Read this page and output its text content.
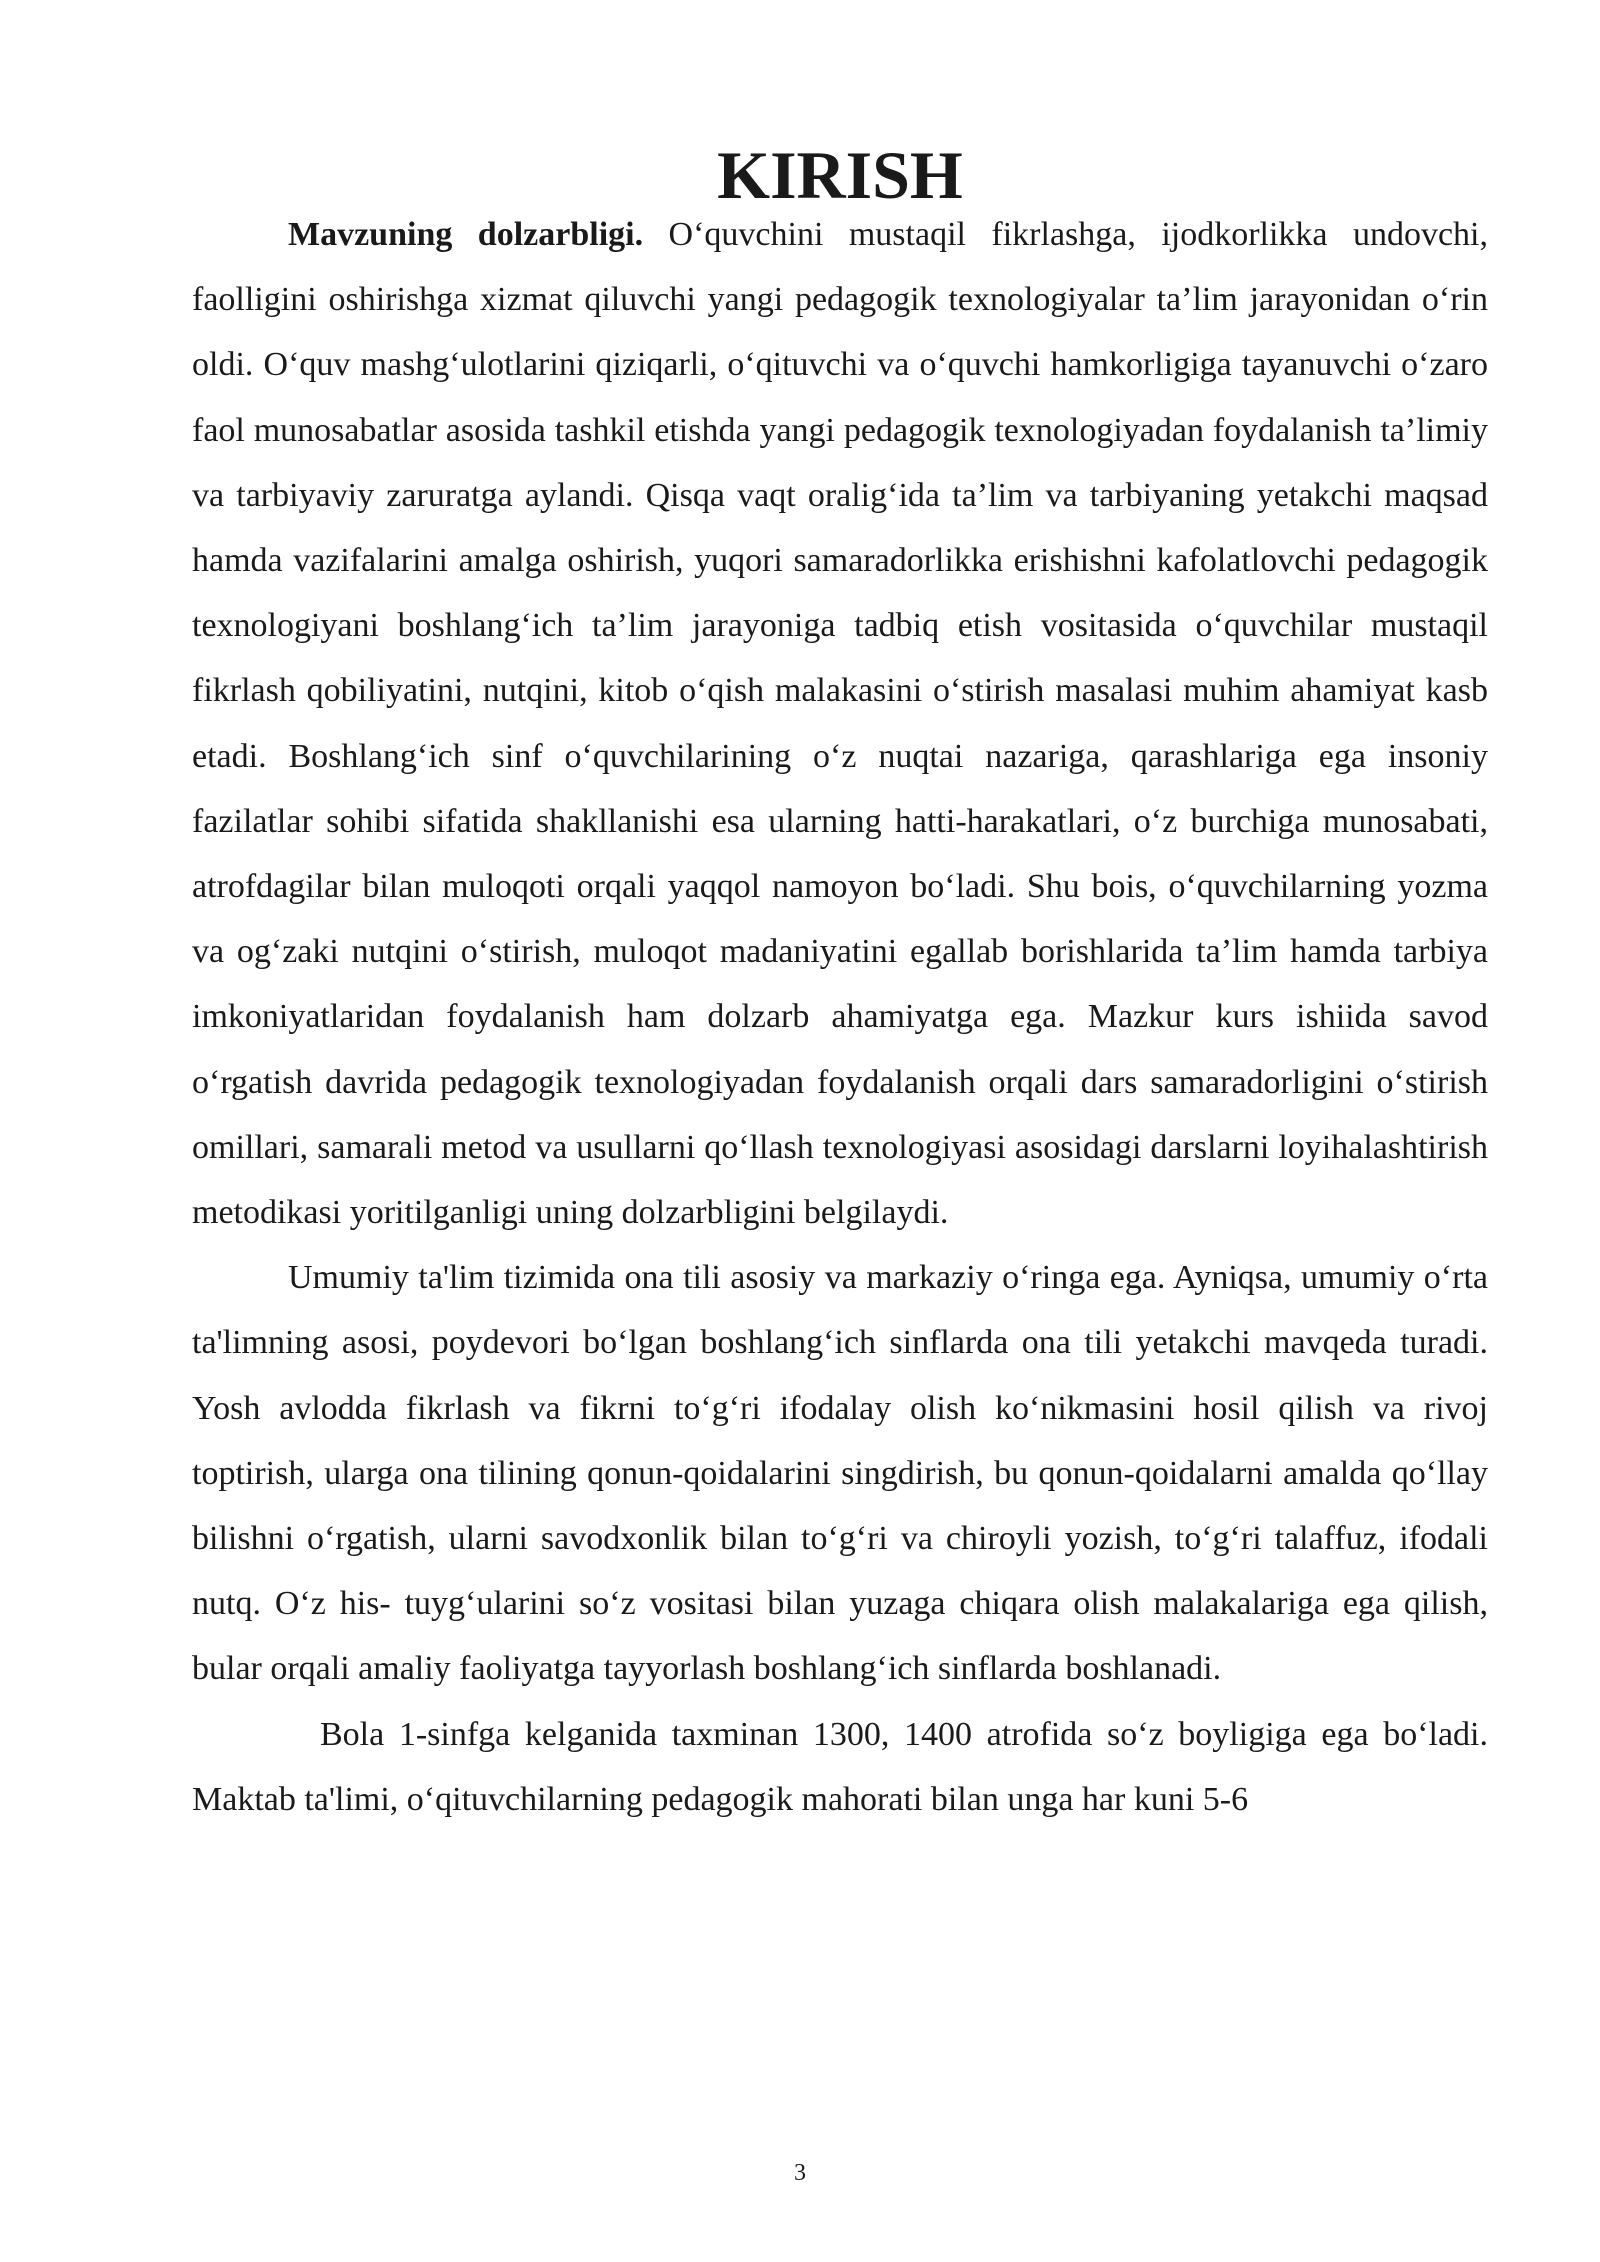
KIRISH

Mavzuning dolzarbligi. O‘quvchini mustaqil fikrlashga, ijodkorlikka undovchi, faolligini oshirishga xizmat qiluvchi yangi pedagogik texnologiyalar ta’lim jarayonidan o‘rin oldi. O‘quv mashg‘ulotlarini qiziqarli, o‘qituvchi va o‘quvchi hamkorligiga tayanuvchi o‘zaro faol munosabatlar asosida tashkil etishda yangi pedagogik texnologiyadan foydalanish ta’limiy va tarbiyaviy zaruratga aylandi. Qisqa vaqt oralig‘ida ta’lim va tarbiyaning yetakchi maqsad hamda vazifalarini amalga oshirish, yuqori samaradorlikka erishishni kafolatlovchi pedagogik texnologiyani boshlang‘ich ta’lim jarayoniga tadbiq etish vositasida o‘quvchilar mustaqil fikrlash qobiliyatini, nutqini, kitob o‘qish malakasini o‘stirish masalasi muhim ahamiyat kasb etadi. Boshlang‘ich sinf o‘quvchilarining o‘z nuqtai nazariga, qarashlariga ega insoniy fazilatlar sohibi sifatida shakllanishi esa ularning hatti-harakatlari, o‘z burchiga munosabati, atrofdagilar bilan muloqoti orqali yaqqol namoyon bo‘ladi. Shu bois, o‘quvchilarning yozma va og‘zaki nutqini o‘stirish, muloqot madaniyatini egallab borishlarida ta’lim hamda tarbiya imkoniyatlaridan foydalanish ham dolzarb ahamiyatga ega. Mazkur kurs ishiida savod o‘rgatish davrida pedagogik texnologiyadan foydalanish orqali dars samaradorligini o‘stirish omillari, samarali metod va usullarni qo‘llash texnologiyasi asosidagi darslarni loyihalashtirish metodikasi yoritilganligi uning dolzarbligini belgilaydi.

Umumiy ta'lim tizimida ona tili asosiy va markaziy o‘ringa ega. Ayniqsa, umumiy o‘rta ta'limning asosi, poydevori bo‘lgan boshlang‘ich sinflarda ona tili yetakchi mavqeda turadi. Yosh avlodda fikrlash va fikrni to‘g‘ri ifodalay olish ko‘nikmasini hosil qilish va rivoj toptirish, ularga ona tilining qonun-qoidalarini singdirish, bu qonun-qoidalarni amalda qo‘llay bilishni o‘rgatish, ularni savodxonlik bilan to‘g‘ri va chiroyli yozish, to‘g‘ri talaffuz, ifodali nutq. O‘z his- tuyg‘ularini so‘z vositasi bilan yuzaga chiqara olish malakalariga ega qilish, bular orqali amaliy faoliyatga tayyorlash boshlang‘ich sinflarda boshlanadi.

Bola 1-sinfga kelganida taxminan 1300, 1400 atrofida so‘z boyligiga ega bo‘ladi. Maktab ta'limi, o‘qituvchilarning pedagogik mahorati bilan unga har kuni 5-6

3
